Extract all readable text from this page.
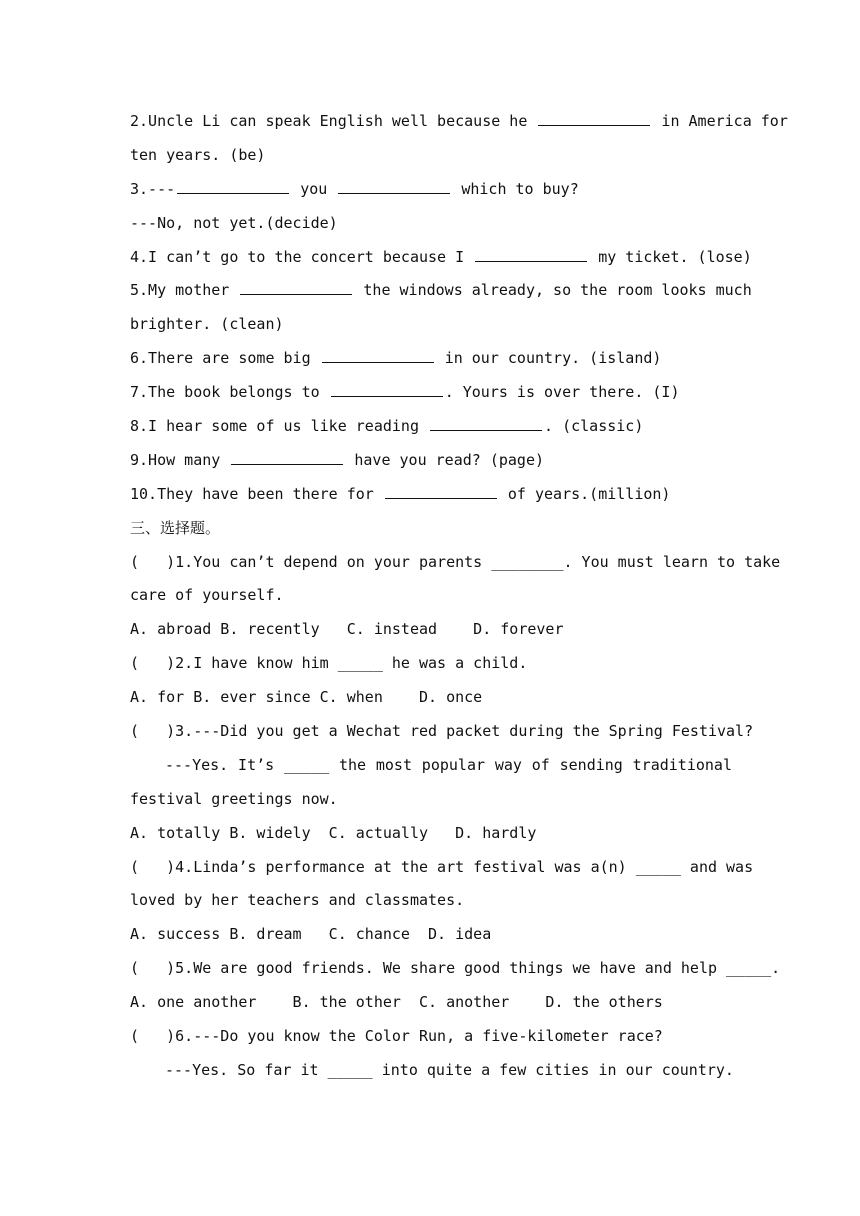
2.Uncle Li can speak English well because he	in America for
ten years. (be)
3.---	you	which to buy?
---No, not yet.(decide)
4.I can’t go to the concert because I	my ticket. (lose)
5.My mother	the windows already, so the room looks much
brighter. (clean)
6.There are some big	in our country. (island)
7.The book belongs to	. Yours is over there. (I)
8.I hear some of us like reading	. (classic)
9.How many	have you read? (page)
10.They have been there for	of years.(million)
三、选择题。
(   )1.You can’t depend on your parents ________. You must learn to take
care of yourself.
A. abroad B. recently   C. instead    D. forever
(   )2.I have know him _____ he was a child.
A. for B. ever since C. when    D. once
(   )3.---Did you get a Wechat red packet during the Spring Festival?
---Yes. It’s _____ the most popular way of sending traditional
festival greetings now.
A. totally B. widely  C. actually   D. hardly
(   )4.Linda’s performance at the art festival was a(n) _____ and was
loved by her teachers and classmates.
A. success B. dream   C. chance  D. idea
(   )5.We are good friends. We share good things we have and help _____.
A. one another    B. the other  C. another    D. the others
(   )6.---Do you know the Color Run, a five-kilometer race?
---Yes. So far it _____ into quite a few cities in our country.
